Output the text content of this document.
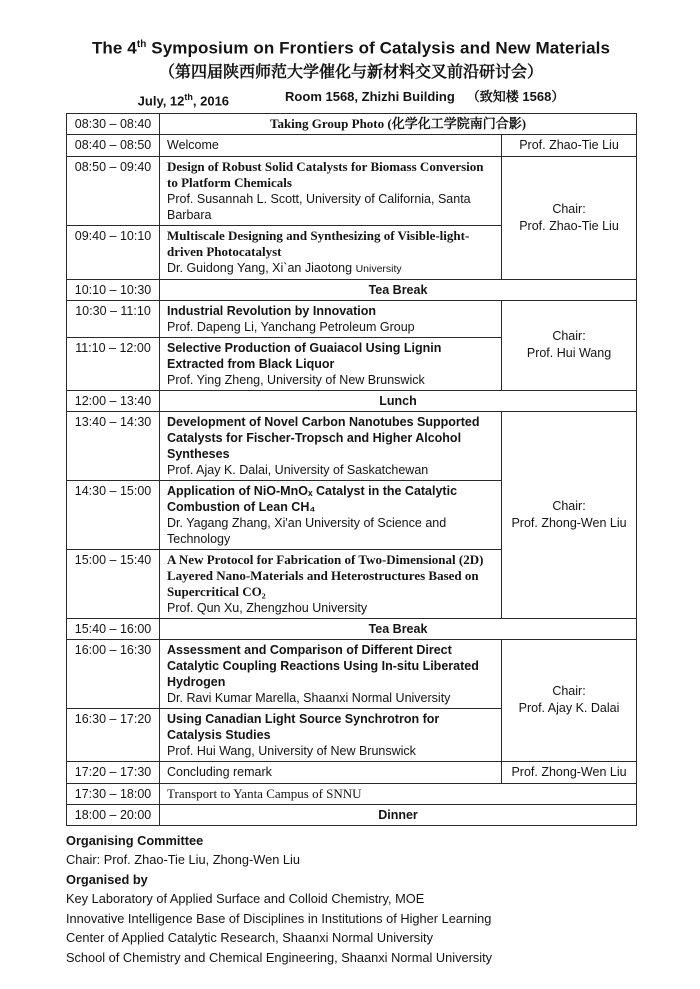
The 4th Symposium on Frontiers of Catalysis and New Materials
（第四届陕西师范大学催化与新材料交叉前沿研讨会）
July, 12th, 2016	Room 1568, Zhizhi Building （致知楼 1568）
08:30 – 08:40	Taking Group Photo (化学化工学院南门合影)	
08:40 – 08:50	Welcome	Prof. Zhao-Tie Liu
08:50 – 09:40	Design of Robust Solid Catalysts for Biomass Conversion to Platform Chemicals
Prof. Susannah L. Scott, University of California, Santa Barbara	Chair:
Prof. Zhao-Tie Liu

09:40 – 10:10	Multiscale Designing and Synthesizing of Visible-light-driven Photocatalyst
Dr. Guidong Yang, Xi`an Jiaotong University	

10:10 – 10:30	Tea Break	
10:30 – 11:10	Industrial Revolution by Innovation
Prof. Dapeng Li, Yanchang Petroleum Group

Chair:
Prof. Hui Wang

11:10 – 12:00	Selective Production of Guaiacol Using Lignin Extracted from Black Liquor
Prof. Ying Zheng, University of New Brunswick	

12:00 – 13:40	Lunch	
13:40 – 14:30	Development of Novel Carbon Nanotubes Supported Catalysts for Fischer-Tropsch and Higher Alcohol Syntheses
Prof. Ajay K. Dalai, University of Saskatchewan

Chair:
Prof. Zhong-Wen Liu

14:30 – 15:00	Application of NiO-MnOₓ Catalyst in the Catalytic Combustion of Lean CH₄
Dr. Yagang Zhang, Xi'an University of Science and Technology	

15:00 – 15:40	A New Protocol for Fabrication of Two-Dimensional (2D) Layered Nano-Materials and Heterostructures Based on Supercritical CO₂
Prof. Qun Xu, Zhengzhou University	

15:40 – 16:00	Tea Break	
16:00 – 16:30	Assessment and Comparison of Different Direct Catalytic Coupling Reactions Using In-situ Liberated Hydrogen
Dr. Ravi Kumar Marella, Shaanxi Normal University	Chair:
Prof. Ajay K. Dalai

16:30 – 17:20	Using Canadian Light Source Synchrotron for Catalysis Studies
Prof. Hui Wang, University of New Brunswick	

17:20 – 17:30	Concluding remark	Prof. Zhong-Wen Liu
17:30 – 18:00	Transport to Yanta Campus of SNNU	
18:00 – 20:00	Dinner	
Organising Committee
Chair: Prof. Zhao-Tie Liu, Zhong-Wen Liu
Organised by
Key Laboratory of Applied Surface and Colloid Chemistry, MOE
Innovative Intelligence Base of Disciplines in Institutions of Higher Learning
Center of Applied Catalytic Research, Shaanxi Normal University
School of Chemistry and Chemical Engineering, Shaanxi Normal University
